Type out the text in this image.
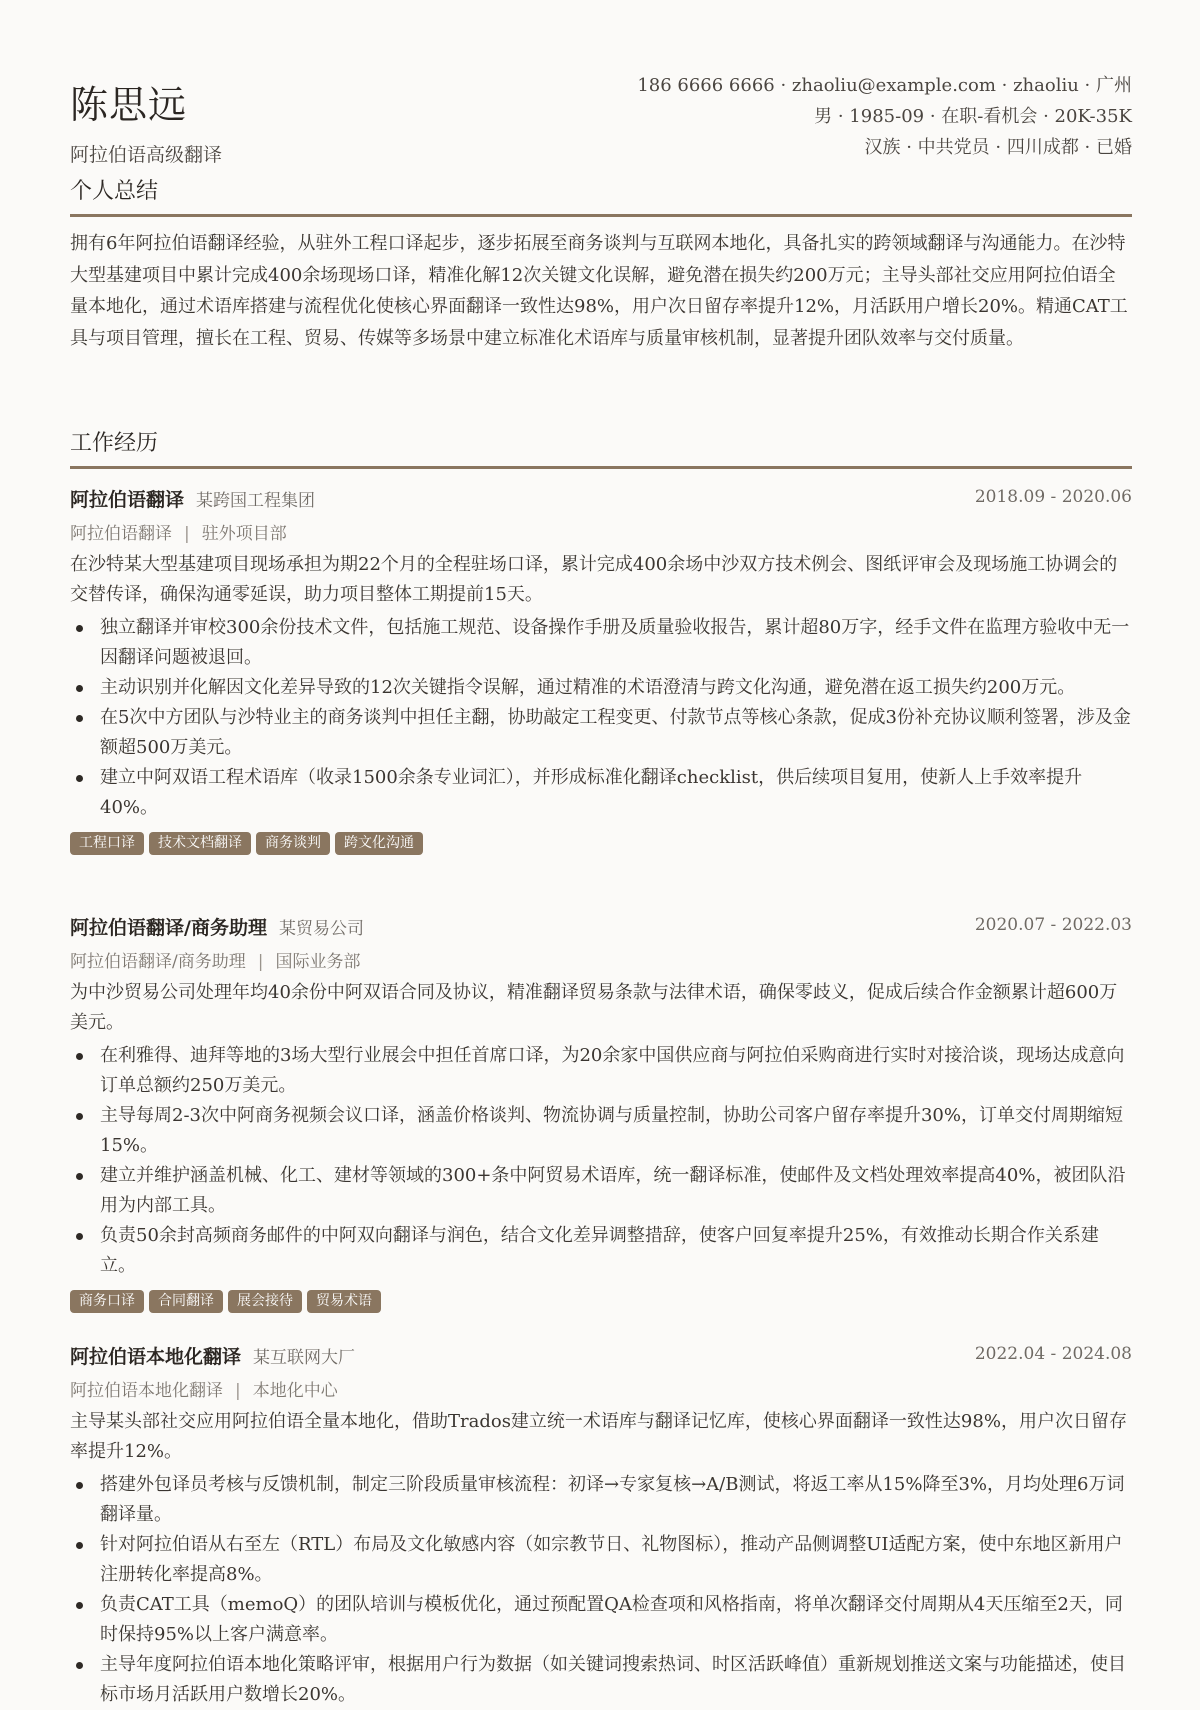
陈思远
阿拉伯语高级翻译
186 6666 6666 · zhaoliu@example.com · zhaoliu · 广州
男 · 1985-09 · 在职-看机会 · 20K-35K
汉族 · 中共党员 · 四川成都 · 已婚
个人总结

拥有6年阿拉伯语翻译经验，从驻外工程口译起步，逐步拓展至商务谈判与互联网本地化，具备扎实的跨领域翻译与沟通能力。在沙特大型基建项目中累计完成400余场现场口译，精准化解12次关键文化误解，避免潜在损失约200万元；主导头部社交应用阿拉伯语全量本地化，通过术语库搭建与流程优化使核心界面翻译一致性达98%，用户次日留存率提升12%，月活跃用户增长20%。精通CAT工具与项目管理，擅长在工程、贸易、传媒等多场景中建立标准化术语库与质量审核机制，显著提升团队效率与交付质量。

工作经历
阿拉伯语翻译 某跨国工程集团	2018.09 - 2020.06
阿拉伯语翻译 | 驻外项目部

在沙特某大型基建项目现场承担为期22个月的全程驻场口译，累计完成400余场中沙双方技术例会、图纸评审会及现场施工协调会的交替传译，确保沟通零延误，助力项目整体工期提前15天。

独立翻译并审校300余份技术文件，包括施工规范、设备操作手册及质量验收报告，累计超80万字，经手文件在监理方验收中无一因翻译问题被退回。
主动识别并化解因文化差异导致的12次关键指令误解，通过精准的术语澄清与跨文化沟通，避免潜在返工损失约200万元。
在5次中方团队与沙特业主的商务谈判中担任主翻，协助敲定工程变更、付款节点等核心条款，促成3份补充协议顺利签署，涉及金额超500万美元。
建立中阿双语工程术语库（收录1500余条专业词汇），并形成标准化翻译checklist，供后续项目复用，使新人上手效率提升40%。
工程口译 技术文档翻译 商务谈判 跨文化沟通
阿拉伯语翻译/商务助理 某贸易公司	2020.07 - 2022.03
阿拉伯语翻译/商务助理 | 国际业务部

为中沙贸易公司处理年均40余份中阿双语合同及协议，精准翻译贸易条款与法律术语，确保零歧义，促成后续合作金额累计超600万美元。

在利雅得、迪拜等地的3场大型行业展会中担任首席口译，为20余家中国供应商与阿拉伯采购商进行实时对接洽谈，现场达成意向订单总额约250万美元。
主导每周2-3次中阿商务视频会议口译，涵盖价格谈判、物流协调与质量控制，协助公司客户留存率提升30%，订单交付周期缩短15%。
建立并维护涵盖机械、化工、建材等领域的300+条中阿贸易术语库，统一翻译标准，使邮件及文档处理效率提高40%，被团队沿用为内部工具。
负责50余封高频商务邮件的中阿双向翻译与润色，结合文化差异调整措辞，使客户回复率提升25%，有效推动长期合作关系建立。
商务口译 合同翻译 展会接待 贸易术语
阿拉伯语本地化翻译 某互联网大厂	2022.04 - 2024.08
阿拉伯语本地化翻译 | 本地化中心

主导某头部社交应用阿拉伯语全量本地化，借助Trados建立统一术语库与翻译记忆库，使核心界面翻译一致性达98%，用户次日留存率提升12%。

搭建外包译员考核与反馈机制，制定三阶段质量审核流程：初译→专家复核→A/B测试，将返工率从15%降至3%，月均处理6万词翻译量。
针对阿拉伯语从右至左（RTL）布局及文化敏感内容（如宗教节日、礼物图标），推动产品侧调整UI适配方案，使中东地区新用户注册转化率提高8%。
负责CAT工具（memoQ）的团队培训与模板优化，通过预配置QA检查项和风格指南，将单次翻译交付周期从4天压缩至2天，同时保持95%以上客户满意率。
主导年度阿拉伯语本地化策略评审，根据用户行为数据（如关键词搜索热词、时区活跃峰值）重新规划推送文案与功能描述，使目标市场月活跃用户数增长20%。
